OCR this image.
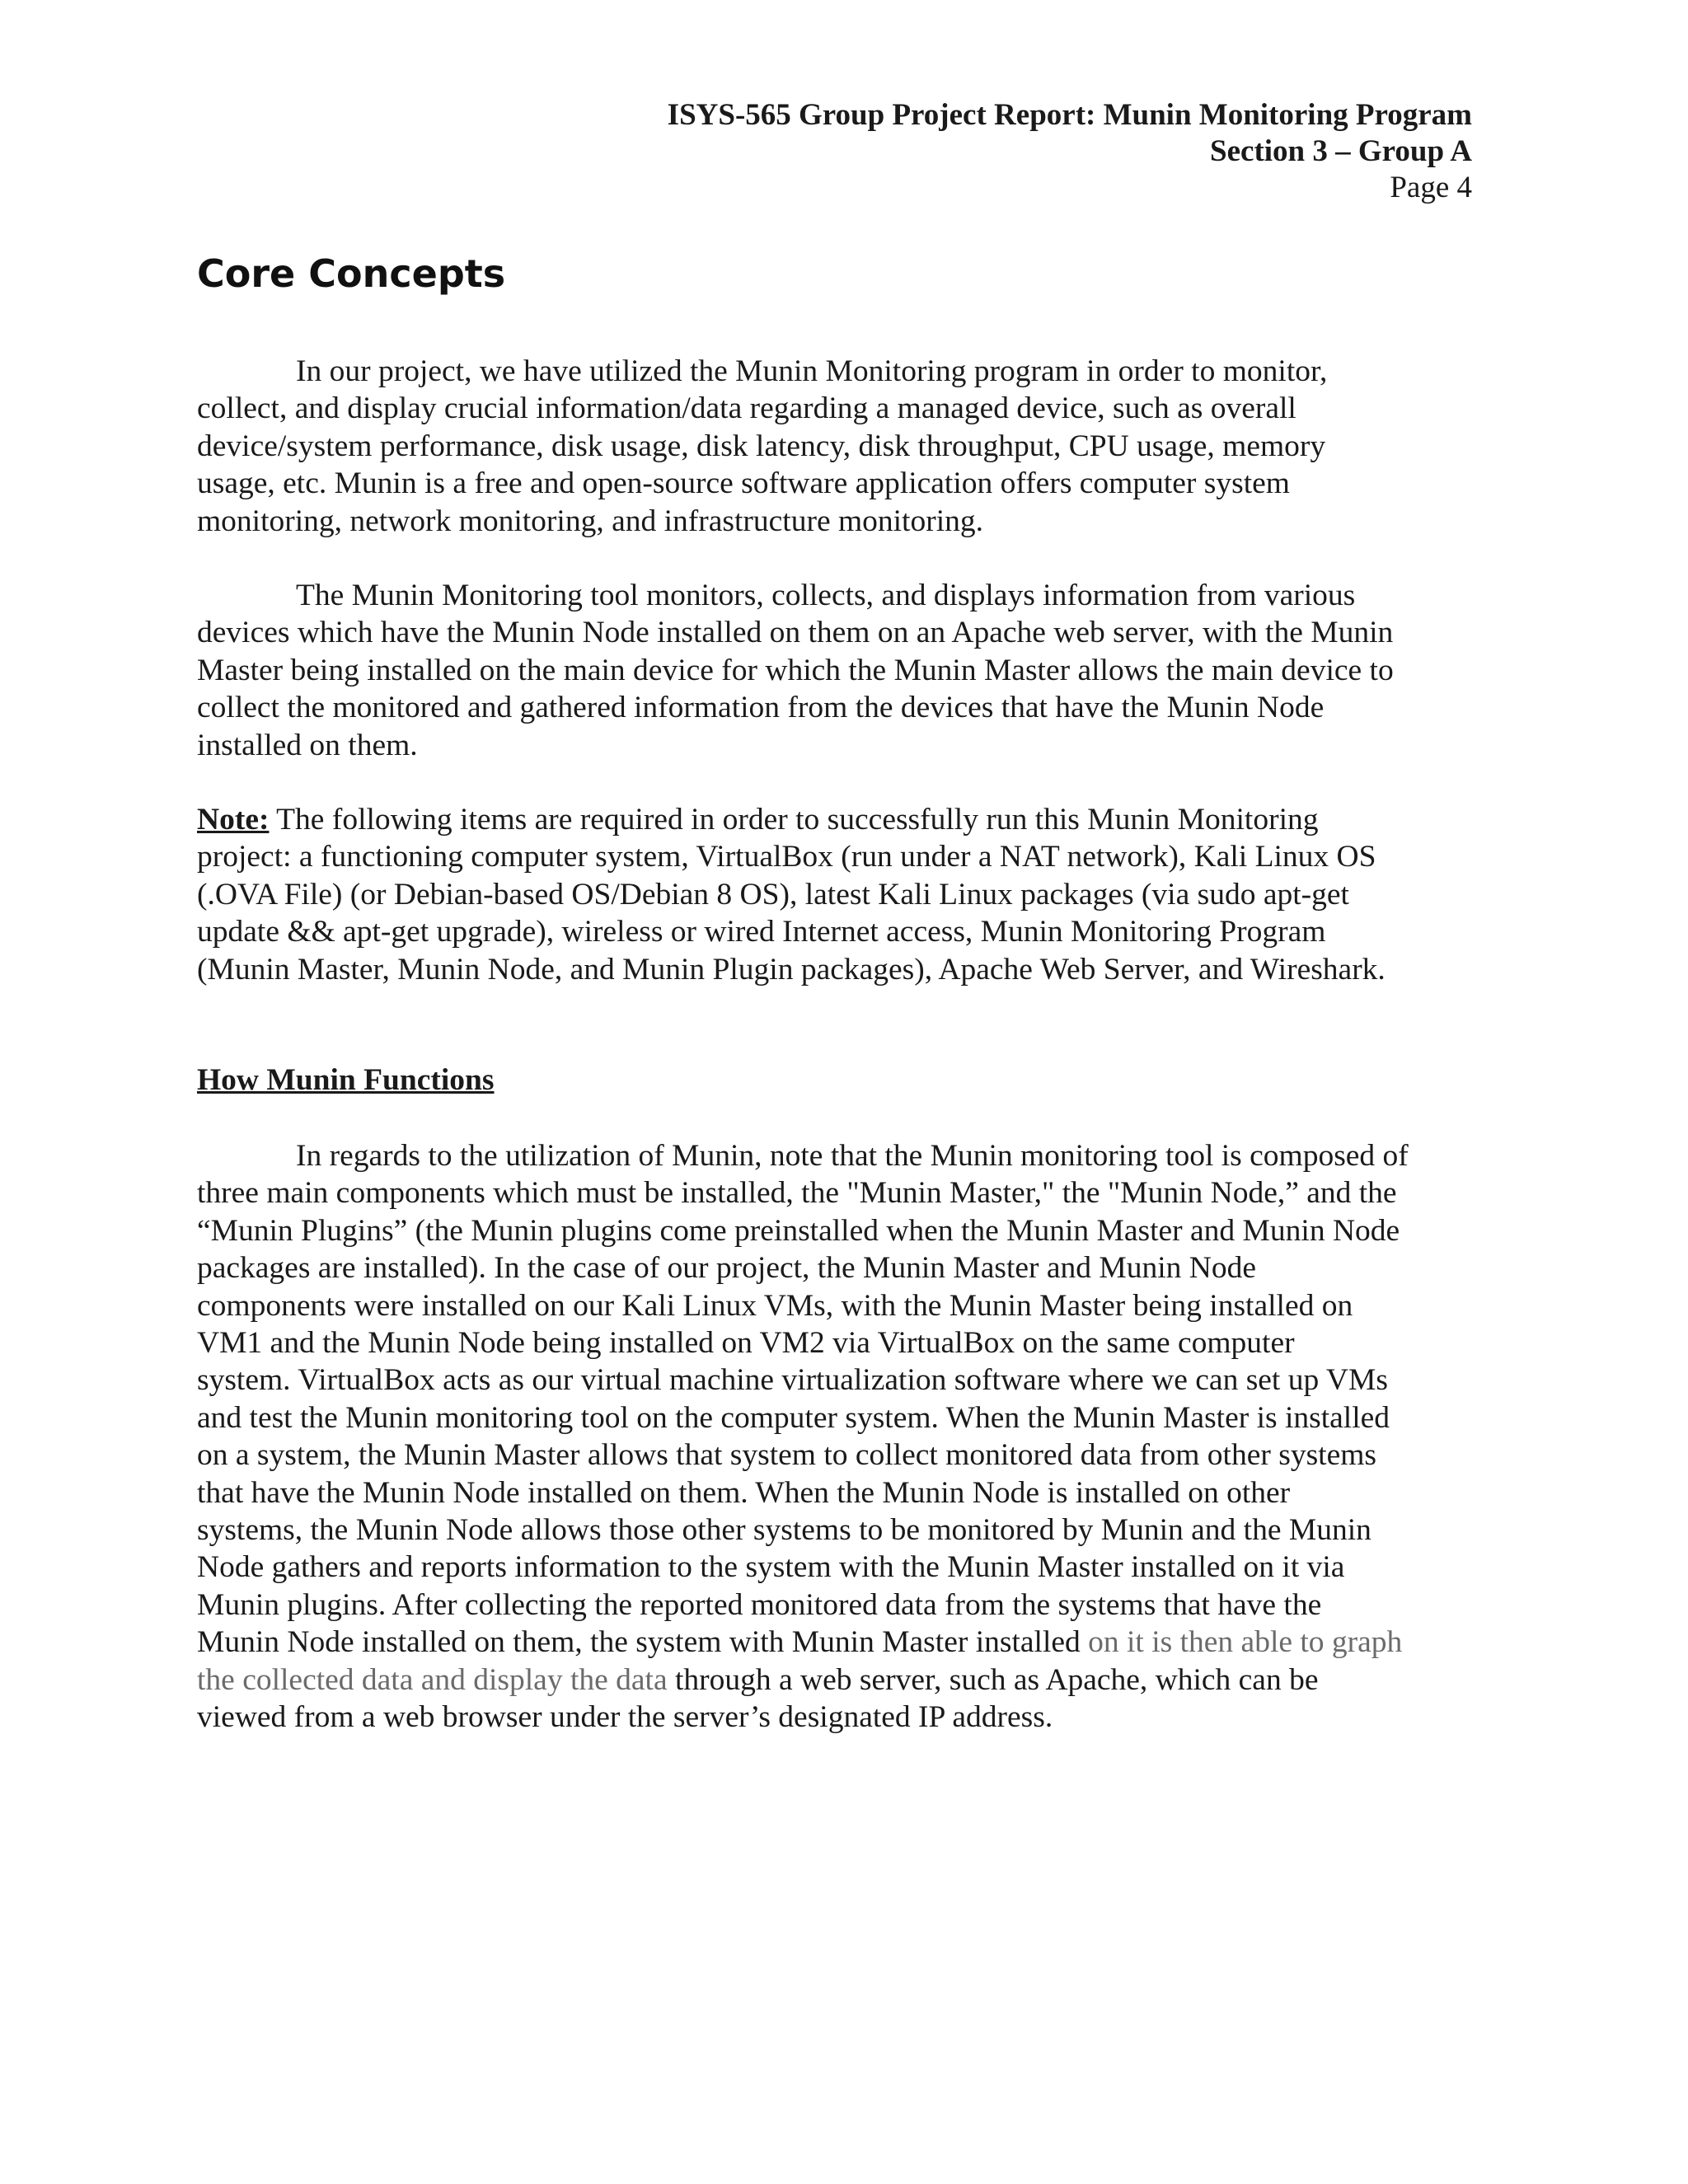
ISYS-565 Group Project Report: Munin Monitoring Program
Section 3 – Group A
Page 4
Core Concepts
In our project, we have utilized the Munin Monitoring program in order to monitor,
collect, and display crucial information/data regarding a managed device, such as overall
device/system performance, disk usage, disk latency, disk throughput, CPU usage, memory
usage, etc. Munin is a free and open-source software application offers computer system
monitoring, network monitoring, and infrastructure monitoring.
The Munin Monitoring tool monitors, collects, and displays information from various
devices which have the Munin Node installed on them on an Apache web server, with the Munin
Master being installed on the main device for which the Munin Master allows the main device to
collect the monitored and gathered information from the devices that have the Munin Node
installed on them.
Note: The following items are required in order to successfully run this Munin Monitoring
project: a functioning computer system, VirtualBox (run under a NAT network), Kali Linux OS
(.OVA File) (or Debian-based OS/Debian 8 OS), latest Kali Linux packages (via sudo apt-get
update && apt-get upgrade), wireless or wired Internet access, Munin Monitoring Program
(Munin Master, Munin Node, and Munin Plugin packages), Apache Web Server, and Wireshark.
How Munin Functions
In regards to the utilization of Munin, note that the Munin monitoring tool is composed of
three main components which must be installed, the "Munin Master," the "Munin Node,” and the
“Munin Plugins” (the Munin plugins come preinstalled when the Munin Master and Munin Node
packages are installed). In the case of our project, the Munin Master and Munin Node
components were installed on our Kali Linux VMs, with the Munin Master being installed on
VM1 and the Munin Node being installed on VM2 via VirtualBox on the same computer
system. VirtualBox acts as our virtual machine virtualization software where we can set up VMs
and test the Munin monitoring tool on the computer system. When the Munin Master is installed
on a system, the Munin Master allows that system to collect monitored data from other systems
that have the Munin Node installed on them. When the Munin Node is installed on other
systems, the Munin Node allows those other systems to be monitored by Munin and the Munin
Node gathers and reports information to the system with the Munin Master installed on it via
Munin plugins. After collecting the reported monitored data from the systems that have the
Munin Node installed on them, the system with Munin Master installed on it is then able to graph
the collected data and display the data through a web server, such as Apache, which can be
viewed from a web browser under the server’s designated IP address.
